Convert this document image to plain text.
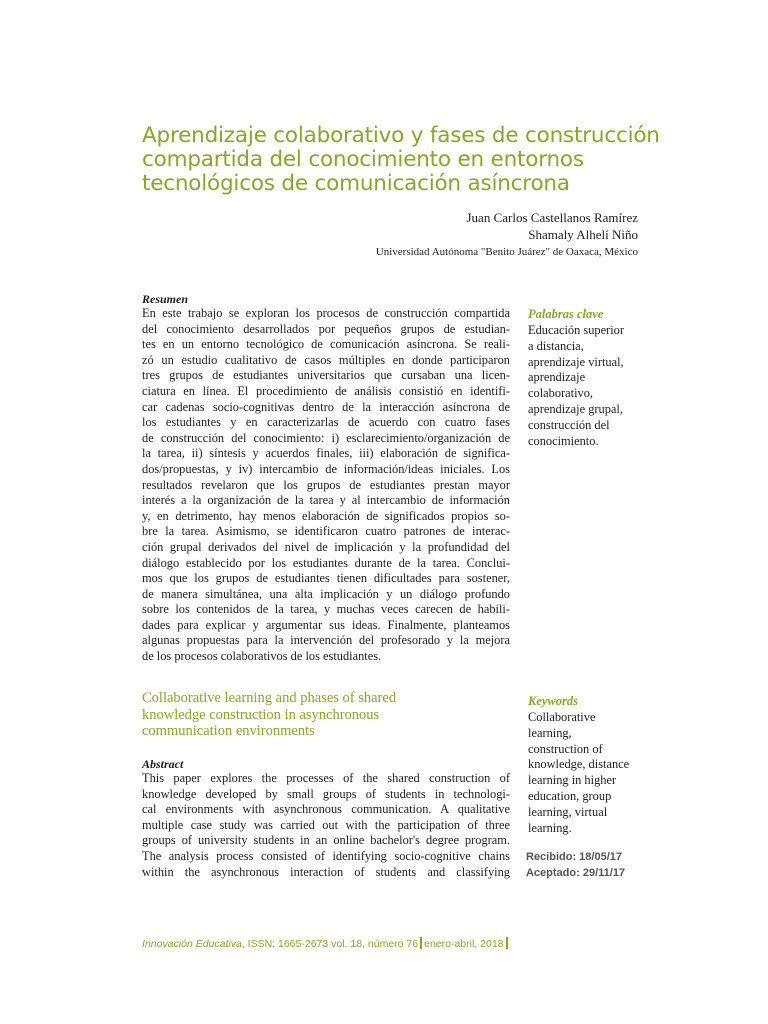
Aprendizaje colaborativo y fases de construcción
compartida del conocimiento en entornos
tecnológicos de comunicación asíncrona
Juan Carlos Castellanos Ramírez
Shamaly Alhelí Niño
Universidad Autónoma "Benito Juárez" de Oaxaca, México
Resumen
En este trabajo se exploran los procesos de construcción compartida
del conocimiento desarrollados por pequeños grupos de estudian-
tes en un entorno tecnológico de comunicación asíncrona. Se reali-
zó un estudio cualitativo de casos múltiples en donde participaron
tres grupos de estudiantes universitarios que cursaban una licen-
ciatura en línea. El procedimiento de análisis consistió en identifi-
car cadenas socio-cognitivas dentro de la interacción asíncrona de
los estudiantes y en caracterizarlas de acuerdo con cuatro fases
de construcción del conocimiento: i) esclarecimiento/organización de
la tarea, ii) síntesis y acuerdos finales, iii) elaboración de significa-
dos/propuestas, y iv) intercambio de información/ideas iniciales. Los
resultados revelaron que los grupos de estudiantes prestan mayor
interés a la organización de la tarea y al intercambio de información
y, en detrimento, hay menos elaboración de significados propios so-
bre la tarea. Asimismo, se identificaron cuatro patrones de interac-
ción grupal derivados del nivel de implicación y la profundidad del
diálogo establecido por los estudiantes durante de la tarea. Conclui-
mos que los grupos de estudiantes tienen dificultades para sostener,
de manera simultánea, una alta implicación y un diálogo profundo
sobre los contenidos de la tarea, y muchas veces carecen de habili-
dades para explicar y argumentar sus ideas. Finalmente, planteamos
algunas propuestas para la intervención del profesorado y la mejora
de los procesos colaborativos de los estudiantes.
Palabras clave
Educación superior
a distancia,
aprendizaje virtual,
aprendizaje
colaborativo,
aprendizaje grupal,
construcción del
conocimiento.
Collaborative learning and phases of shared
knowledge construction in asynchronous
communication environments
Abstract
This paper explores the processes of the shared construction of
knowledge developed by small groups of students in technologi-
cal environments with asynchronous communication. A qualitative
multiple case study was carried out with the participation of three
groups of university students in an online bachelor's degree program.
The analysis process consisted of identifying socio-cognitive chains
within the asynchronous interaction of students and classifying
Keywords
Collaborative
learning,
construction of
knowledge, distance
learning in higher
education, group
learning, virtual
learning.
Recibido: 18/05/17
Aceptado: 29/11/17
Innovación Educativa, ISSN: 1665-2673 vol. 18, número 76 enero-abril, 2018
